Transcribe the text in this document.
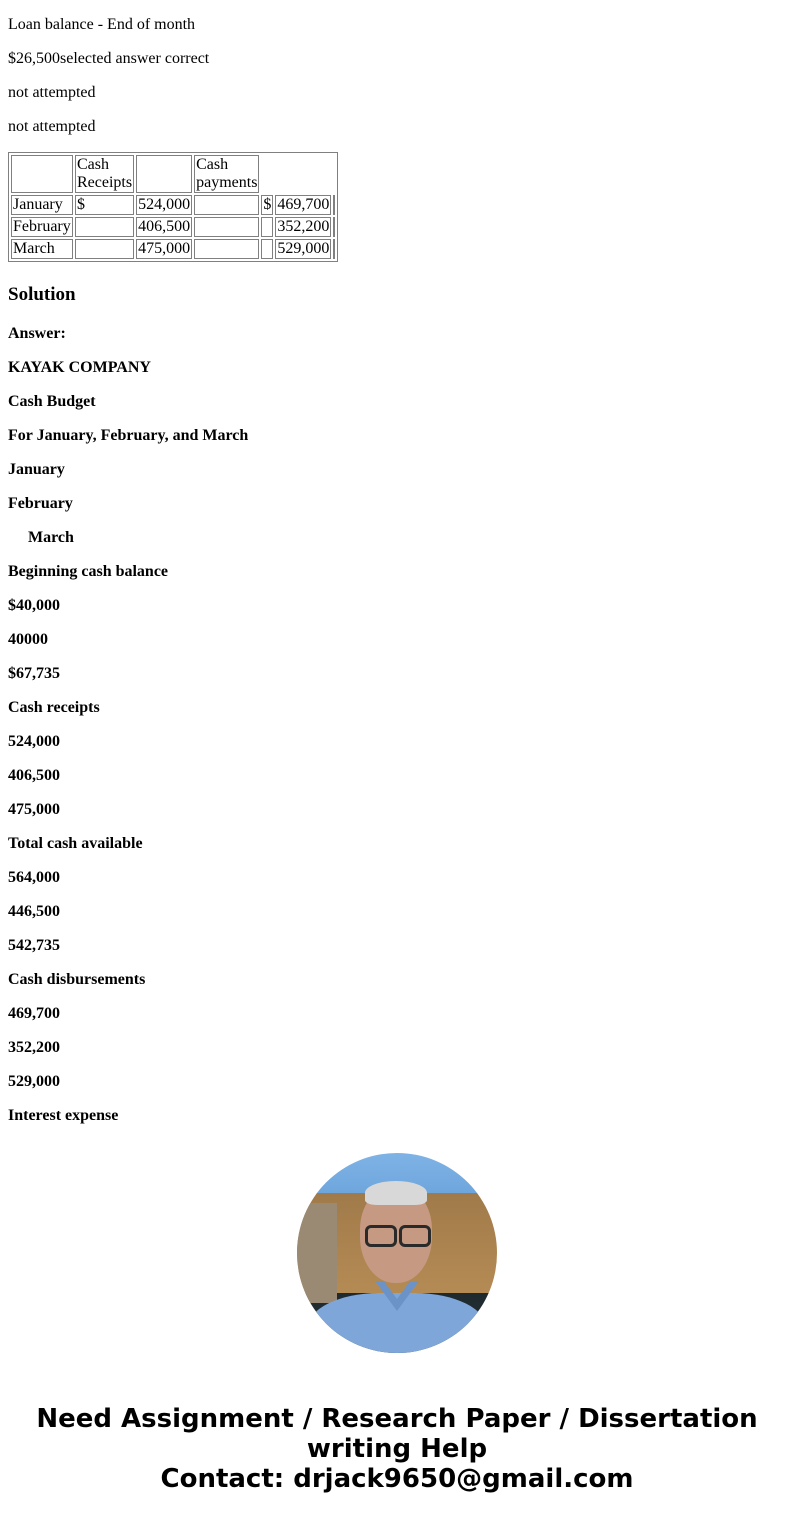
Loan balance - End of month
$26,500selected answer correct
not attempted
not attempted
	Cash Receipts		Cash payments			
January	$	524,000		$	469,700	
February		406,500			352,200	
March		475,000			529,000	
Solution
Answer:
KAYAK COMPANY
Cash Budget
For January, February, and March
January
February
March
Beginning cash balance
$40,000
40000
$67,735
Cash receipts
524,000
406,500
475,000
Total cash available
564,000
446,500
542,735
Cash disbursements
469,700
352,200
529,000
Interest expense
Need Assignment / Research Paper / Dissertation
writing Help
Contact: drjack9650@gmail.com
